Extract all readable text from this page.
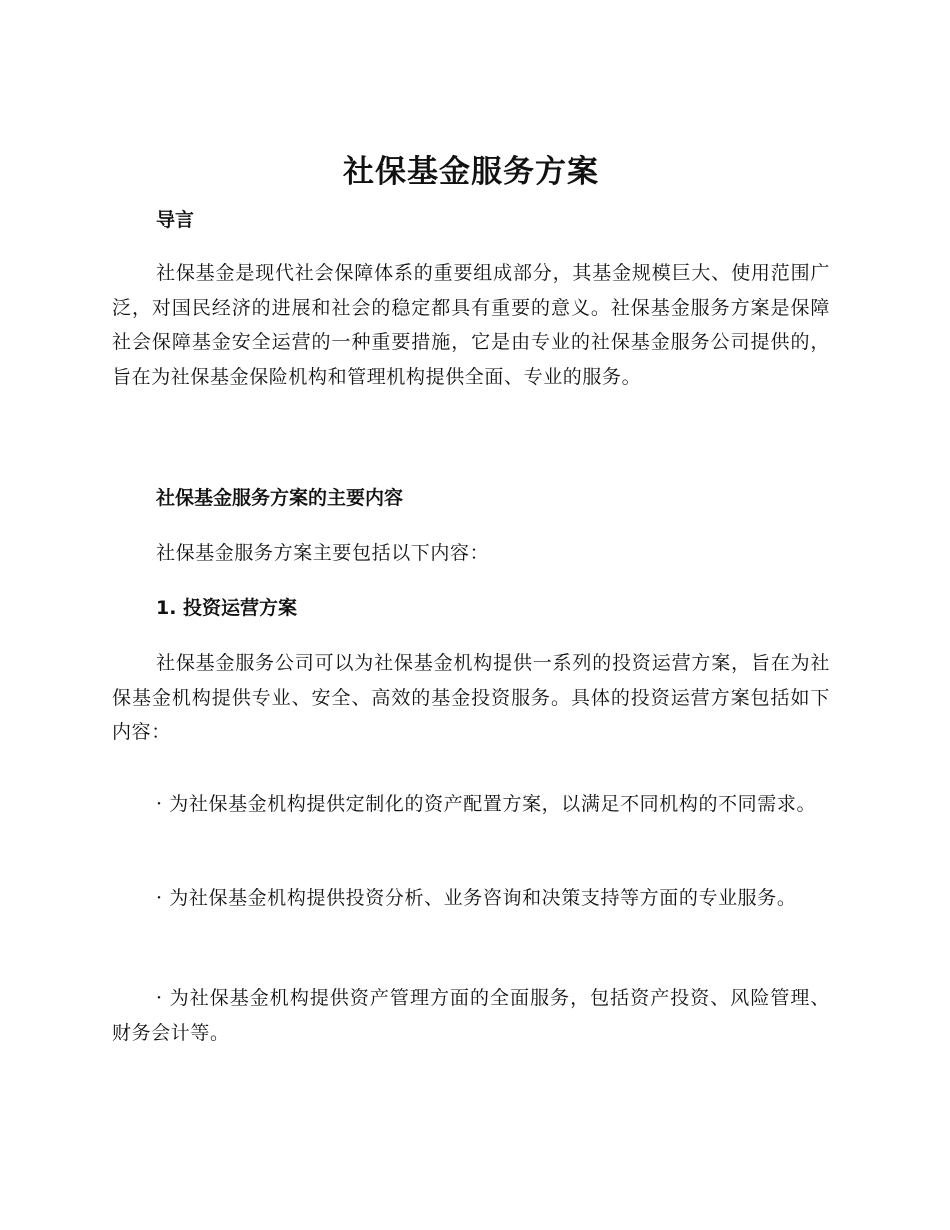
社保基金服务方案
导言

社保基金是现代社会保障体系的重要组成部分，其基金规模巨大、使用范围广泛，对国民经济的进展和社会的稳定都具有重要的意义。社保基金服务方案是保障社会保障基金安全运营的一种重要措施，它是由专业的社保基金服务公司提供的，旨在为社保基金保险机构和管理机构提供全面、专业的服务。

社保基金服务方案的主要内容

社保基金服务方案主要包括以下内容：

1. 投资运营方案

社保基金服务公司可以为社保基金机构提供一系列的投资运营方案，旨在为社保基金机构提供专业、安全、高效的基金投资服务。具体的投资运营方案包括如下内容：

· 为社保基金机构提供定制化的资产配置方案，以满足不同机构的不同需求。

· 为社保基金机构提供投资分析、业务咨询和决策支持等方面的专业服务。

· 为社保基金机构提供资产管理方面的全面服务，包括资产投资、风险管理、财务会计等。
